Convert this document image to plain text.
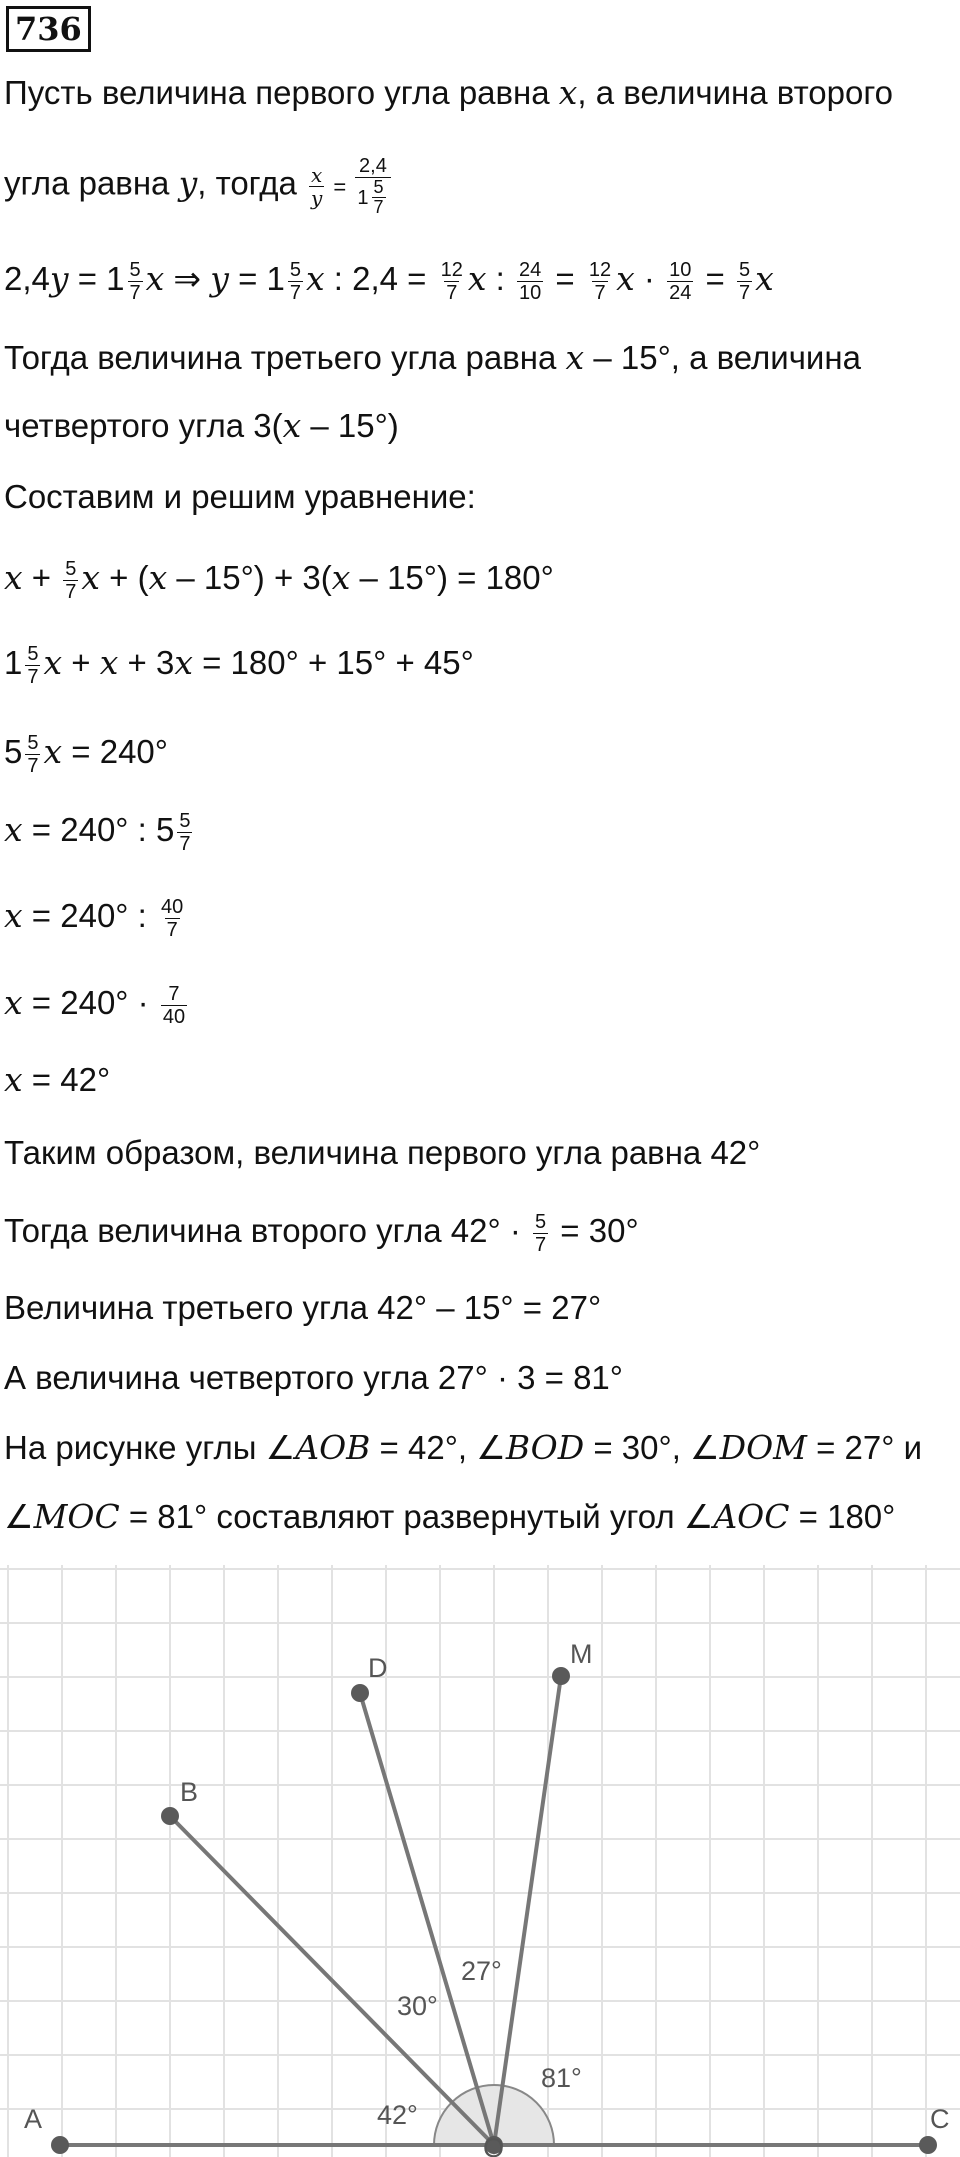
736
Пусть величина первого угла равна x, а величина второго
угла равна y, тогда $\frac{x}{y} = \frac{2,4}{1 \frac{5}{7}}$
$2,4y = 1 \frac{5}{7}$ x ⇒ $y = 1 \frac{5}{7}$ x : $2,4 = \frac{12}{7}$ x : $\frac{24}{10} = \frac{12}{7}$ $x \cdot \frac{10}{24} = \frac{5}{7}$ x
Тогда величина третьего угла равна x – 15°, а величина
четвертого угла 3(x – 15°)
Составим и решим уравнение:
$x + \frac{5}{7}$ x + (x – 15°) + 3(x – 15°) = 180°
$1 \frac{5}{7}$ x + x + 3x = 180° + 15° + 45°
$5 \frac{5}{7}$ x = 240°
x = 240° : $5 \frac{5}{7}$
x = 240° : $\frac{40}{7}$
$x = 240^\circ \cdot \frac{7}{40}$
x = 42°
Таким образом, величина первого угла равна 42°
Тогда величина второго угла $42^\circ \cdot \frac{5}{7} = 30^\circ$
Величина третьего угла 42° – 15° = 27°
А величина четвертого угла 27° · 3 = 81°
На рисунке углы ∠AOB = 42°, ∠BOD = 30°, ∠DOM = 27° и
∠MOC = 81° составляют развернутый угол ∠AOC = 180°
A	C
O
B
D	M
42°
30°
27°
81°
